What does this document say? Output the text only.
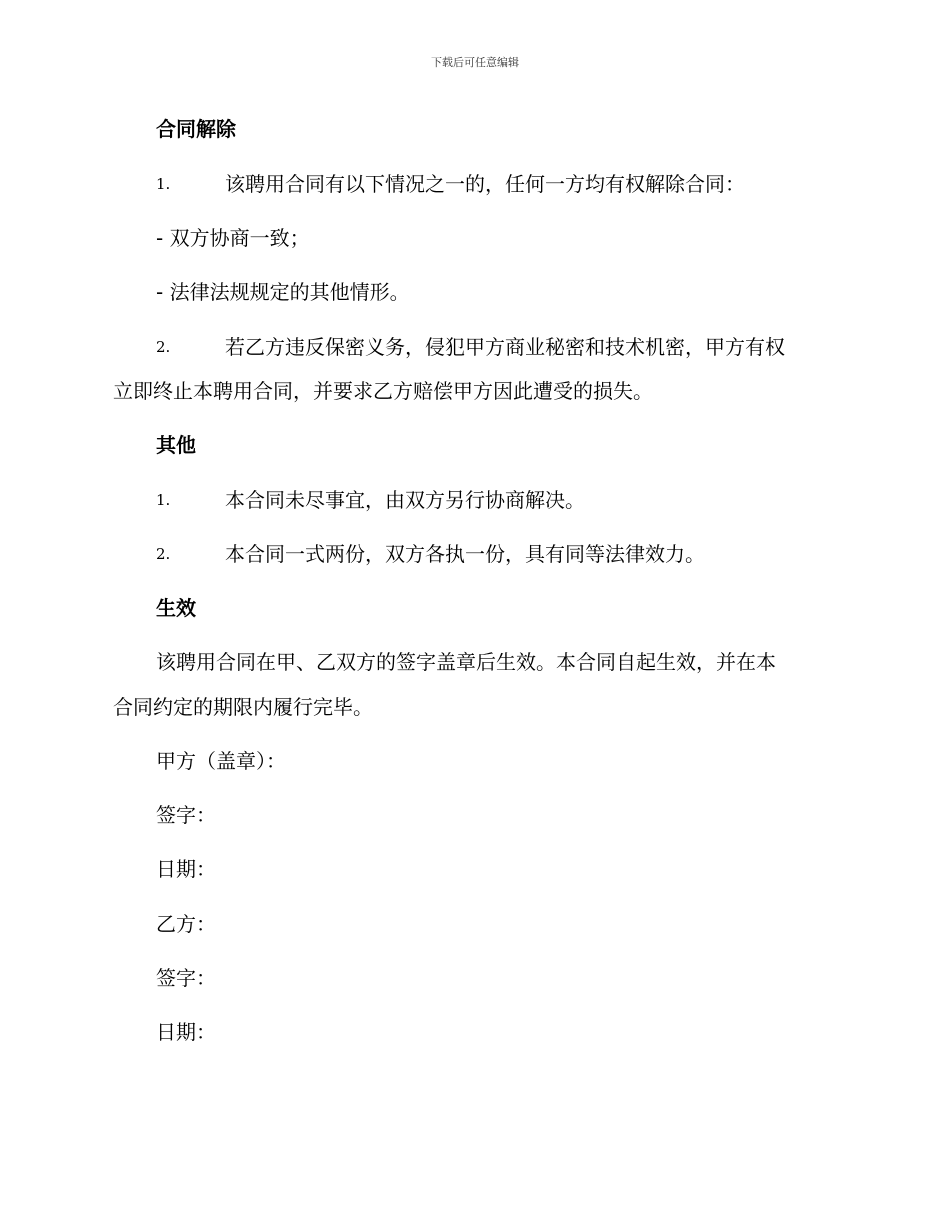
下载后可任意编辑
合同解除
1.	该聘用合同有以下情况之一的，任何一方均有权解除合同：
- 双方协商一致；
- 法律法规规定的其他情形。
2.	若乙方违反保密义务，侵犯甲方商业秘密和技术机密，甲方有权
立即终止本聘用合同，并要求乙方赔偿甲方因此遭受的损失。
其他
1.	本合同未尽事宜，由双方另行协商解决。
2.	本合同一式两份，双方各执一份，具有同等法律效力。
生效
该聘用合同在甲、乙双方的签字盖章后生效。本合同自起生效，并在本
合同约定的期限内履行完毕。
甲方（盖章）：
签字：
日期：
乙方：
签字：
日期：
